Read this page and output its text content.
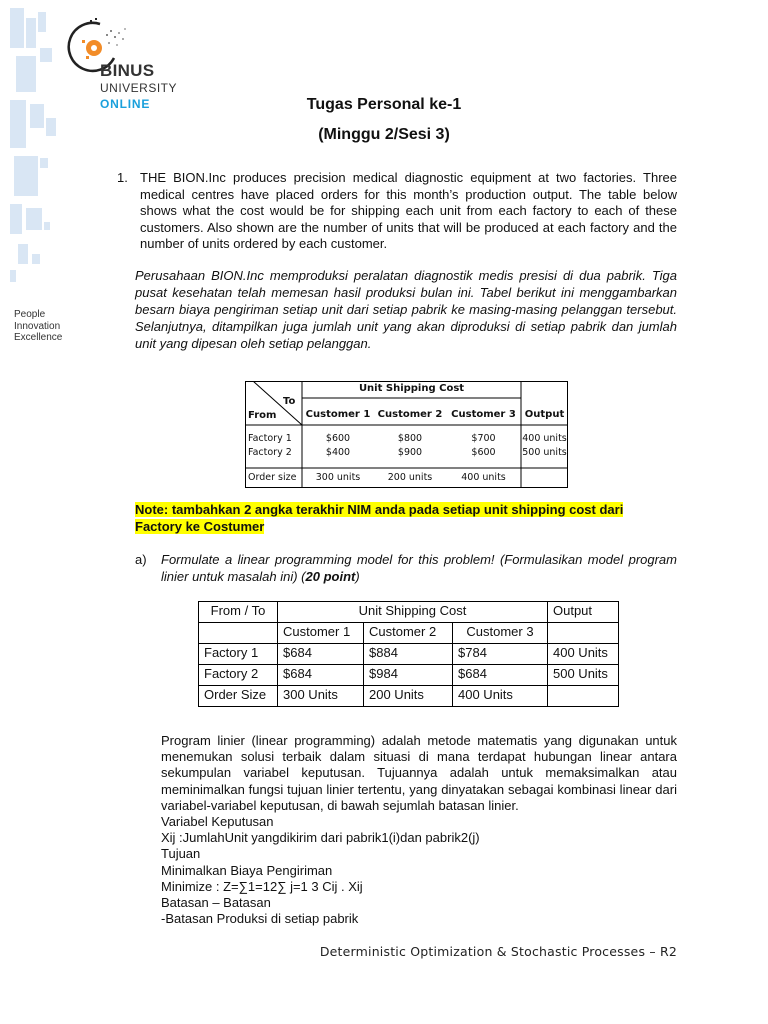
BINUS
UNIVERSITY
ONLINE
People
Innovation
Excellence
Tugas Personal ke-1
(Minggu 2/Sesi 3)
1. THE BION.Inc produces precision medical diagnostic equipment at two factories. Three medical centres have placed orders for this month’s production output. The table below shows what the cost would be for shipping each unit from each factory to each of these customers. Also shown are the number of units that will be produced at each factory and the number of units ordered by each customer.
Perusahaan BION.Inc memproduksi peralatan diagnostik medis presisi di dua pabrik. Tiga pusat kesehatan telah memesan hasil produksi bulan ini. Tabel berikut ini menggambarkan besarn biaya pengiriman setiap unit dari setiap pabrik ke masing-masing pelanggan tersebut. Selanjutnya, ditampilkan juga jumlah unit yang akan diproduksi di setiap pabrik dan jumlah unit yang dipesan oleh setiap pelanggan.
Unit Shipping Cost
To
From	Customer 1 Customer 2 Customer 3 Output
Factory 1	$600	$800	$700	400 units
Factory 2	$400	$900	$600	500 units
Order size	300 units	200 units	400 units
Note: tambahkan 2 angka terakhir NIM anda pada setiap unit shipping cost dari
Factory ke Costumer
a) Formulate a linear programming model for this problem! (Formulasikan model program linier untuk masalah ini) (20 point)
From / To	Unit Shipping Cost			Output
	Customer 1	Customer 2	Customer 3	
Factory 1	$684	$884	$784	400 Units
Factory 2	$684	$984	$684	500 Units
Order Size	300 Units	200 Units	400 Units	

Program linier (linear programming) adalah metode matematis yang digunakan untuk menemukan solusi terbaik dalam situasi di mana terdapat hubungan linear antara sekumpulan variabel keputusan. Tujuannya adalah untuk memaksimalkan atau meminimalkan fungsi tujuan linier tertentu, yang dinyatakan sebagai kombinasi linear dari variabel-variabel keputusan, di bawah sejumlah batasan linier.

Variabel Keputusan

Xij :JumlahUnit yangdikirim dari pabrik1(i)dan pabrik2(j)

Tujuan

Minimalkan Biaya Pengiriman

Minimize : Z=∑1=12∑ j=1 3 Cij . Xij

Batasan – Batasan

-Batasan Produksi di setiap pabrik

Deterministic Optimization & Stochastic Processes – R2
